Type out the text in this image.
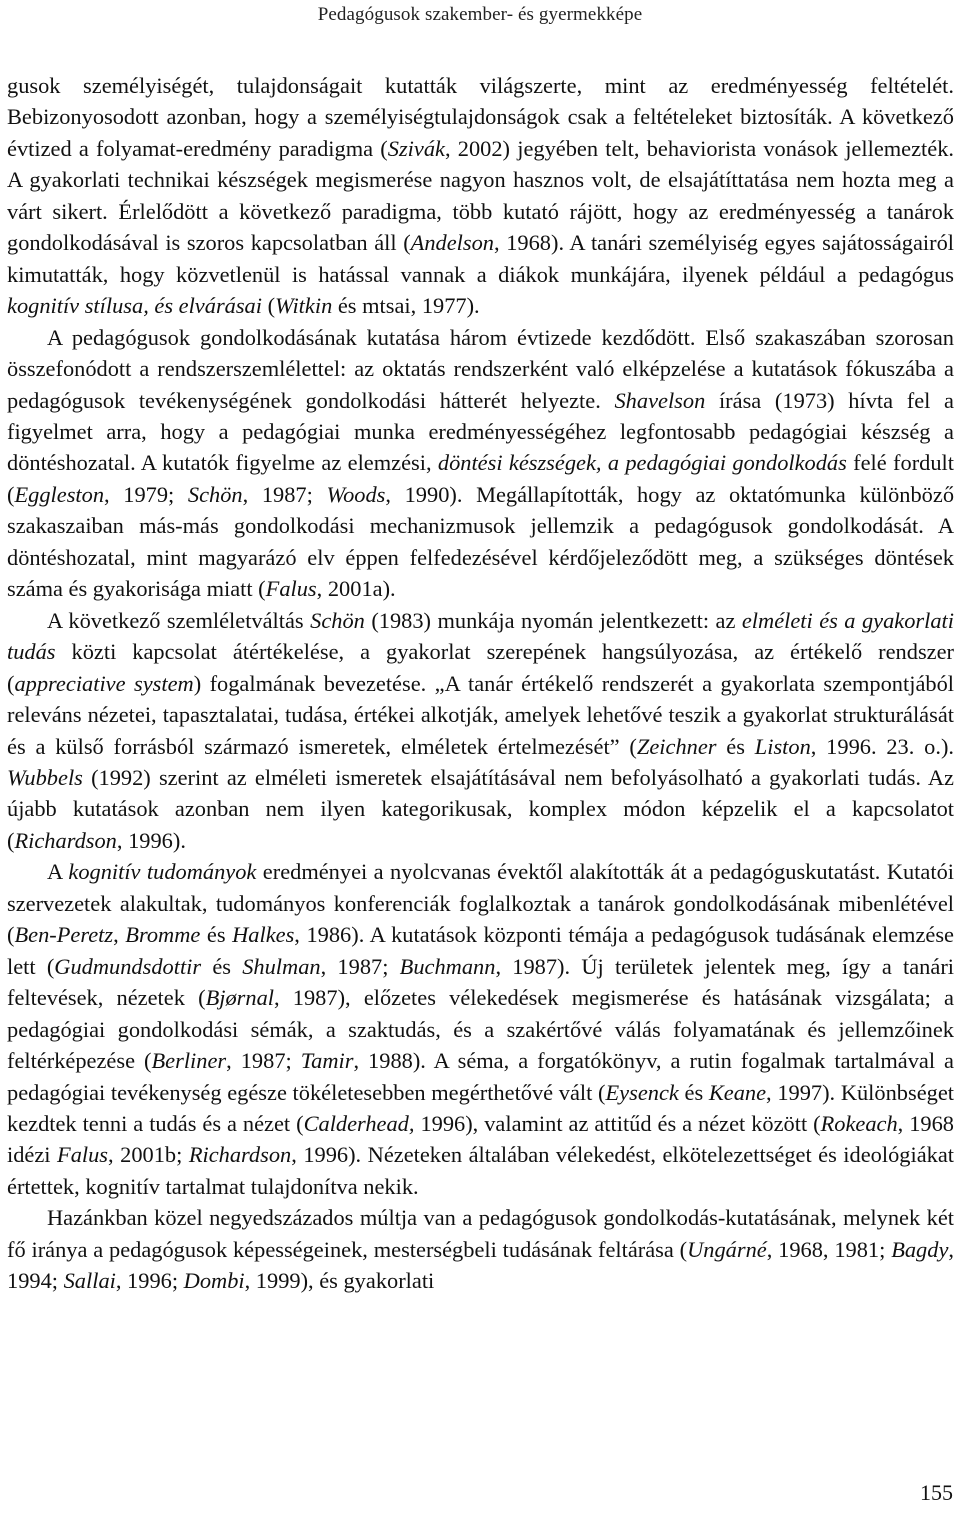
Pedagógusok szakember- és gyermekképe

gusok személyiségét, tulajdonságait kutatták világszerte, mint az eredményesség feltételét. Bebizonyosodott azonban, hogy a személyiségtulajdonságok csak a feltételeket biztosíták. A következő évtized a folyamat-eredmény paradigma (Szivák, 2002) jegyében telt, behaviorista vonások jellemezték. A gyakorlati technikai készségek megismerése nagyon hasznos volt, de elsajátíttatása nem hozta meg a várt sikert. Érlelődött a következő paradigma, több kutató rájött, hogy az eredményesség a tanárok gondolkodásával is szoros kapcsolatban áll (Andelson, 1968). A tanári személyiség egyes sajátosságairól kimutatták, hogy közvetlenül is hatással vannak a diákok munkájára, ilyenek például a pedagógus kognitív stílusa, és elvárásai (Witkin és mtsai, 1977).

A pedagógusok gondolkodásának kutatása három évtizede kezdődött. Első szakaszában szorosan összefonódott a rendszerszemlélettel: az oktatás rendszerként való elképzelése a kutatások fókuszába a pedagógusok tevékenységének gondolkodási hátterét helyezte. Shavelson írása (1973) hívta fel a figyelmet arra, hogy a pedagógiai munka eredményességéhez legfontosabb pedagógiai készség a döntéshozatal. A kutatók figyelme az elemzési, döntési készségek, a pedagógiai gondolkodás felé fordult (Eggleston, 1979; Schön, 1987; Woods, 1990). Megállapították, hogy az oktatómunka különböző szakaszaiban más-más gondolkodási mechanizmusok jellemzik a pedagógusok gondolkodását. A döntéshozatal, mint magyarázó elv éppen felfedezésével kérdőjeleződött meg, a szükséges döntések száma és gyakorisága miatt (Falus, 2001a).

A következő szemléletváltás Schön (1983) munkája nyomán jelentkezett: az elméleti és a gyakorlati tudás közti kapcsolat átértékelése, a gyakorlat szerepének hangsúlyozása, az értékelő rendszer (appreciative system) fogalmának bevezetése. „A tanár értékelő rendszerét a gyakorlata szempontjából releváns nézetei, tapasztalatai, tudása, értékei alkotják, amelyek lehetővé teszik a gyakorlat strukturálását és a külső forrásból származó ismeretek, elméletek értelmezését” (Zeichner és Liston, 1996. 23. o.). Wubbels (1992) szerint az elméleti ismeretek elsajátításával nem befolyásolható a gyakorlati tudás. Az újabb kutatások azonban nem ilyen kategorikusak, komplex módon képzelik el a kapcsolatot (Richardson, 1996).

A kognitív tudományok eredményei a nyolcvanas évektől alakították át a pedagóguskutatást. Kutatói szervezetek alakultak, tudományos konferenciák foglalkoztak a tanárok gondolkodásának mibenlétével (Ben-Peretz, Bromme és Halkes, 1986). A kutatások központi témája a pedagógusok tudásának elemzése lett (Gudmundsdottir és Shulman, 1987; Buchmann, 1987). Új területek jelentek meg, így a tanári feltevések, nézetek (Bjørnal, 1987), előzetes vélekedések megismerése és hatásának vizsgálata; a pedagógiai gondolkodási sémák, a szaktudás, és a szakértővé válás folyamatának és jellemzőinek feltérképezése (Berliner, 1987; Tamir, 1988). A séma, a forgatókönyv, a rutin fogalmak tartalmával a pedagógiai tevékenység egésze tökéletesebben megérthetővé vált (Eysenck és Keane, 1997). Különbséget kezdtek tenni a tudás és a nézet (Calderhead, 1996), valamint az attitűd és a nézet között (Rokeach, 1968 idézi Falus, 2001b; Richardson, 1996). Nézeteken általában vélekedést, elkötelezettséget és ideológiákat értettek, kognitív tartalmat tulajdonítva nekik.

Hazánkban közel negyedszázados múltja van a pedagógusok gondolkodás-kutatásának, melynek két fő iránya a pedagógusok képességeinek, mesterségbeli tudásának feltárása (Ungárné, 1968, 1981; Bagdy, 1994; Sallai, 1996; Dombi, 1999), és gyakorlati

155
